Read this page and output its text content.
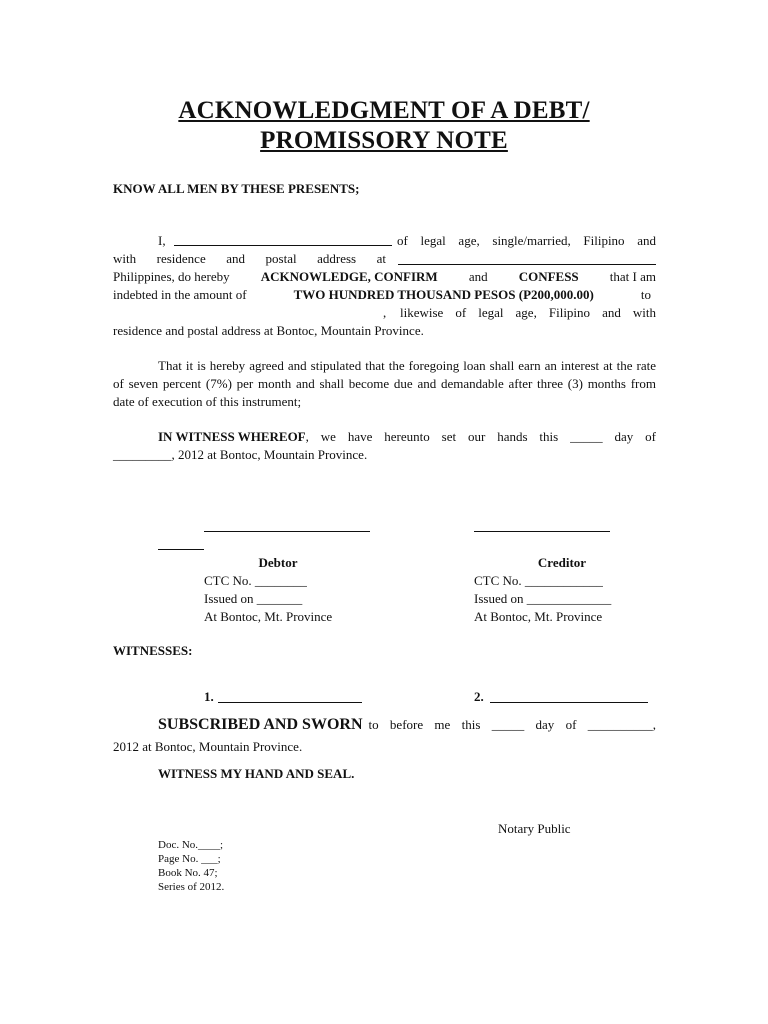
ACKNOWLEDGMENT OF A DEBT/
PROMISSORY NOTE
KNOW ALL MEN BY THESE PRESENTS;
I,	of legal age, single/married, Filipino and
with residence and postal address at
Philippines, do hereby ACKNOWLEDGE, CONFIRM and CONFESS that I am
indebted in the amount of	TWO HUNDRED THOUSAND PESOS (P200,000.00)	to
, likewise of legal age, Filipino and with
residence and postal address at Bontoc, Mountain Province.
That it is hereby agreed and stipulated that the foregoing loan shall earn an interest at the rate of seven percent (7%) per month and shall become due and demandable after three (3) months from date of execution of this instrument;
IN WITNESS WHEREOF , we have hereunto set our hands this _____ day of
_________, 2012 at Bontoc, Mountain Province.
Debtor
CTC No. ________
Issued on _______
At Bontoc, Mt. Province
Creditor
CTC No. ____________
Issued on _____________
At Bontoc, Mt. Province
WITNESSES:
1.	2.
SUBSCRIBED AND SWORN to before me this _____ day of __________,
2012 at Bontoc, Mountain Province.
WITNESS MY HAND AND SEAL.
Notary Public
Doc. No.____;
Page No. ___;
Book No. 47;
Series of 2012.
